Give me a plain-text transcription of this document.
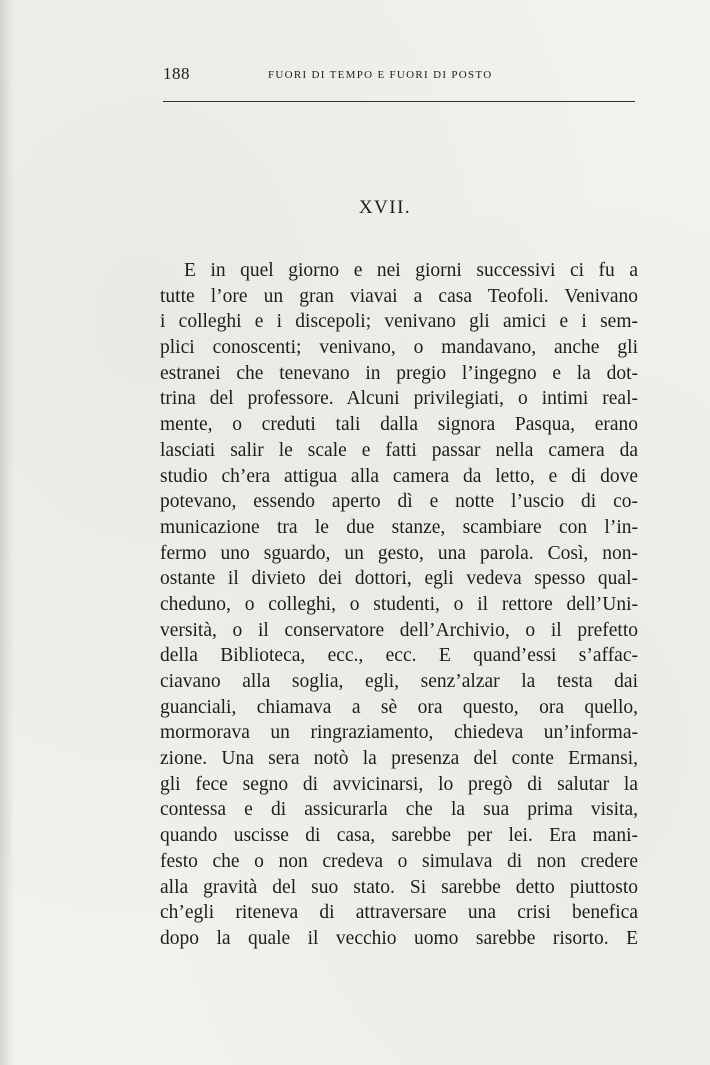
188	FUORI DI TEMPO E FUORI DI POSTO
XVII.
E in quel giorno e nei giorni successivi ci fu a
tutte l’ore un gran viavai a casa Teofoli. Venivano
i colleghi e i discepoli; venivano gli amici e i sem-
plici conoscenti; venivano, o mandavano, anche gli
estranei che tenevano in pregio l’ingegno e la dot-
trina del professore. Alcuni privilegiati, o intimi real-
mente, o creduti tali dalla signora Pasqua, erano
lasciati salir le scale e fatti passar nella camera da
studio ch’era attigua alla camera da letto, e di dove
potevano, essendo aperto dì e notte l’uscio di co-
municazione tra le due stanze, scambiare con l’in-
fermo uno sguardo, un gesto, una parola. Così, non-
ostante il divieto dei dottori, egli vedeva spesso qual-
cheduno, o colleghi, o studenti, o il rettore dell’Uni-
versità, o il conservatore dell’Archivio, o il prefetto
della Biblioteca, ecc., ecc. E quand’essi s’affac-
ciavano alla soglia, egli, senz’alzar la testa dai
guanciali, chiamava a sè ora questo, ora quello,
mormorava un ringraziamento, chiedeva un’informa-
zione. Una sera notò la presenza del conte Ermansi,
gli fece segno di avvicinarsi, lo pregò di salutar la
contessa e di assicurarla che la sua prima visita,
quando uscisse di casa, sarebbe per lei. Era mani-
festo che o non credeva o simulava di non credere
alla gravità del suo stato. Si sarebbe detto piuttosto
ch’egli riteneva di attraversare una crisi benefica
dopo la quale il vecchio uomo sarebbe risorto. E
